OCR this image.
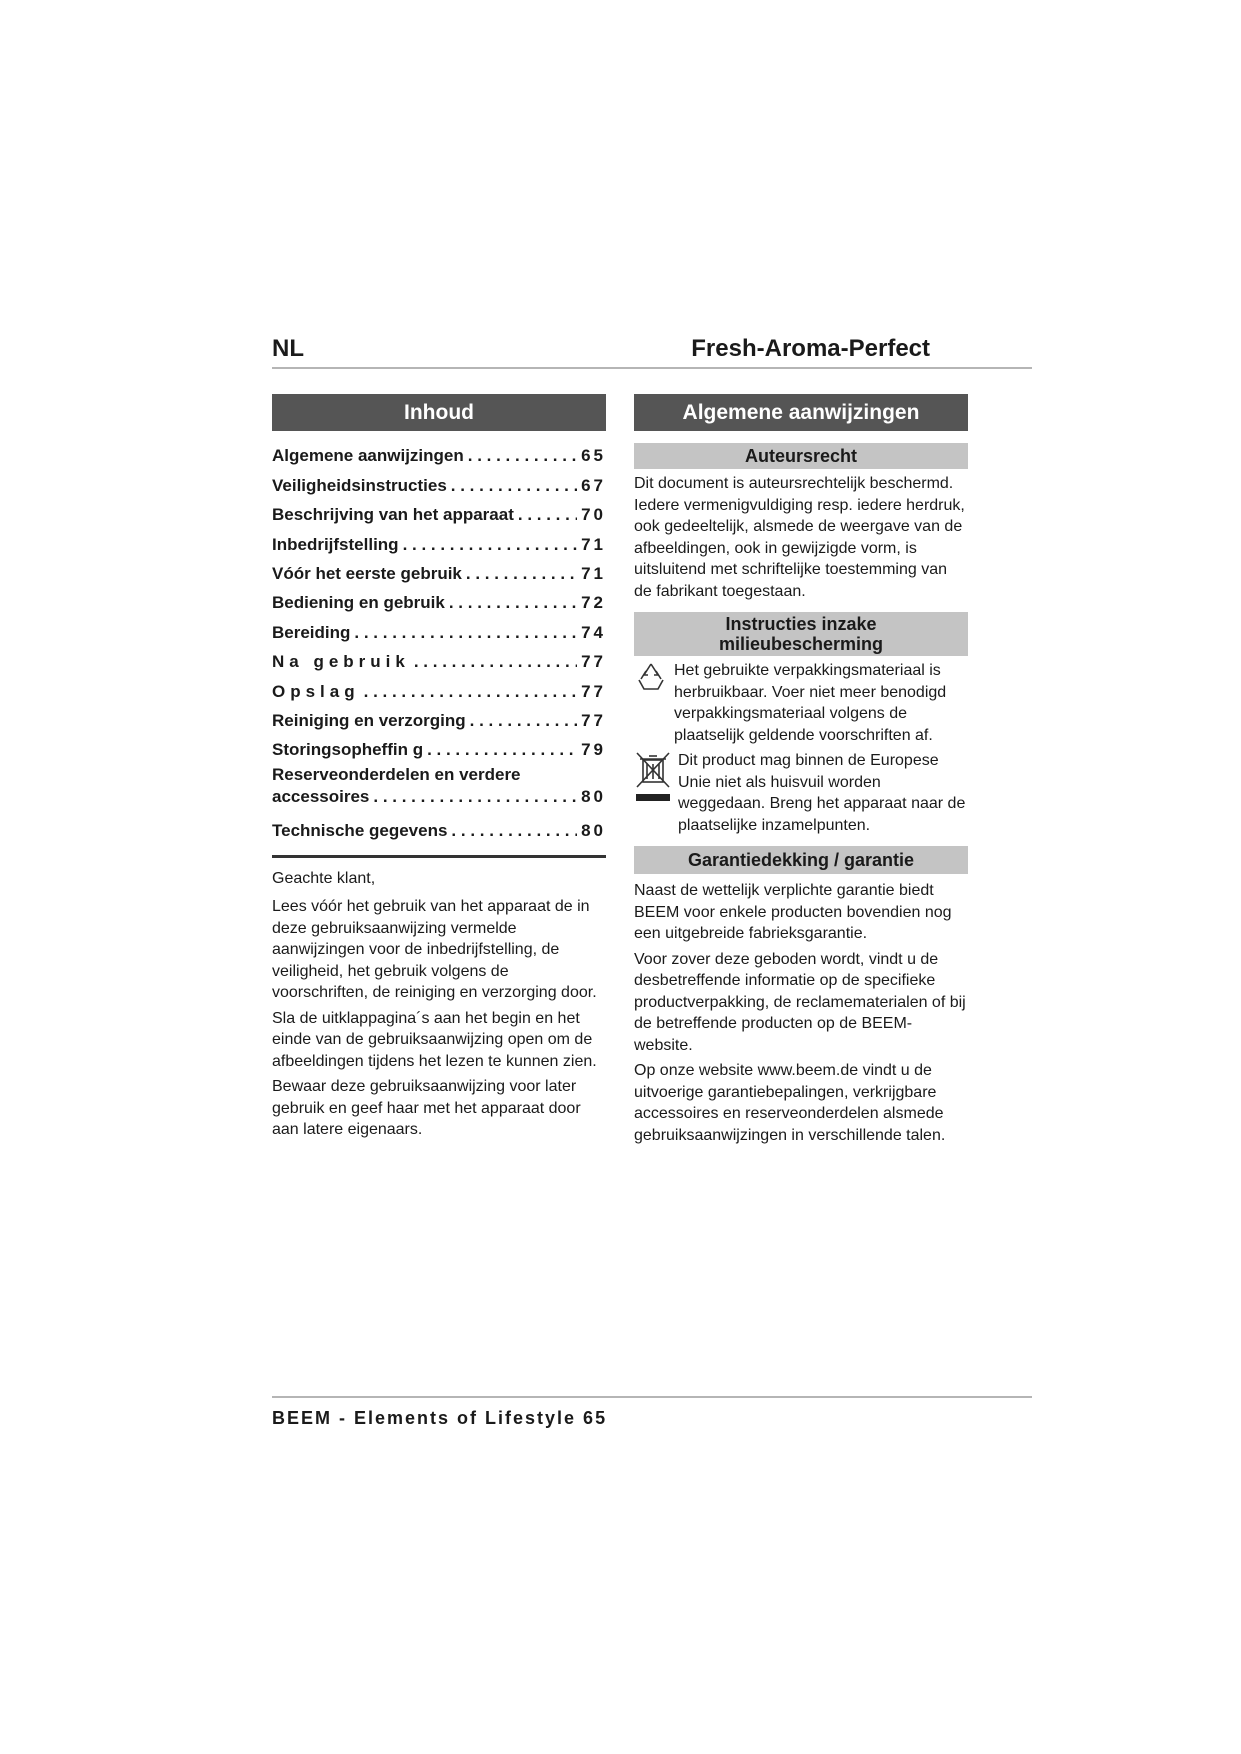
NL	Fresh-Aroma-Perfect
Inhoud
Algemene aanwijzingen . . .	65
Veiligheidsinstructies . . .	67
Beschrijving van het apparaat . . .	70
Inbedrijfstelling . . .	71
Vóór het eerste gebruik . . .	71
Bediening en gebruik . . .	72
Bereiding . . .	74
Na gebruik . . .	77
Opslag . . .	77
Reiniging en verzorging . . .	77
Storingsopheffin g . . .	79
Reserveonderdelen en verdere
accessoires . . .	80
Technische gegevens . . .	80

Geachte klant,

Lees vóór het gebruik van het apparaat de in deze gebruiksaanwijzing vermelde aanwijzingen voor de inbedrijfstelling, de veiligheid, het gebruik volgens de voorschriften, de reiniging en verzorging door.

Sla de uitklappagina´s aan het begin en het einde van de gebruiksaanwijzing open om de afbeeldingen tijdens het lezen te kunnen zien.

Bewaar deze gebruiksaanwijzing voor later gebruik en geef haar met het apparaat door aan latere eigenaars.

Algemene aanwijzingen
Auteursrecht

Dit document is auteursrechtelijk beschermd. Iedere vermenigvuldiging resp. iedere herdruk, ook gedeeltelijk, alsmede de weergave van de afbeeldingen, ook in gewijzigde vorm, is uitsluitend met schriftelijke toestemming van de fabrikant toegestaan.

Instructies inzake
milieubescherming

Het gebruikte verpakkingsmateriaal is herbruikbaar. Voer niet meer benodigd verpakkingsmateriaal volgens de plaatselijk geldende voorschriften af.

Dit product mag binnen de Europese Unie niet als huisvuil worden weggedaan. Breng het apparaat naar de plaatselijke inzamelpunten.

Garantiedekking / garantie

Naast de wettelijk verplichte garantie biedt BEEM voor enkele producten bovendien nog een uitgebreide fabrieksgarantie.

Voor zover deze geboden wordt, vindt u de desbetreffende informatie op de specifieke productverpakking, de reclamematerialen of bij de betreffende producten op de BEEM-website.

Op onze website www.beem.de vindt u de uitvoerige garantiebepalingen, verkrijgbare accessoires en reserveonderdelen alsmede gebruiksaanwijzingen in verschillende talen.

BEEM - Elements of Lifestyle 65
